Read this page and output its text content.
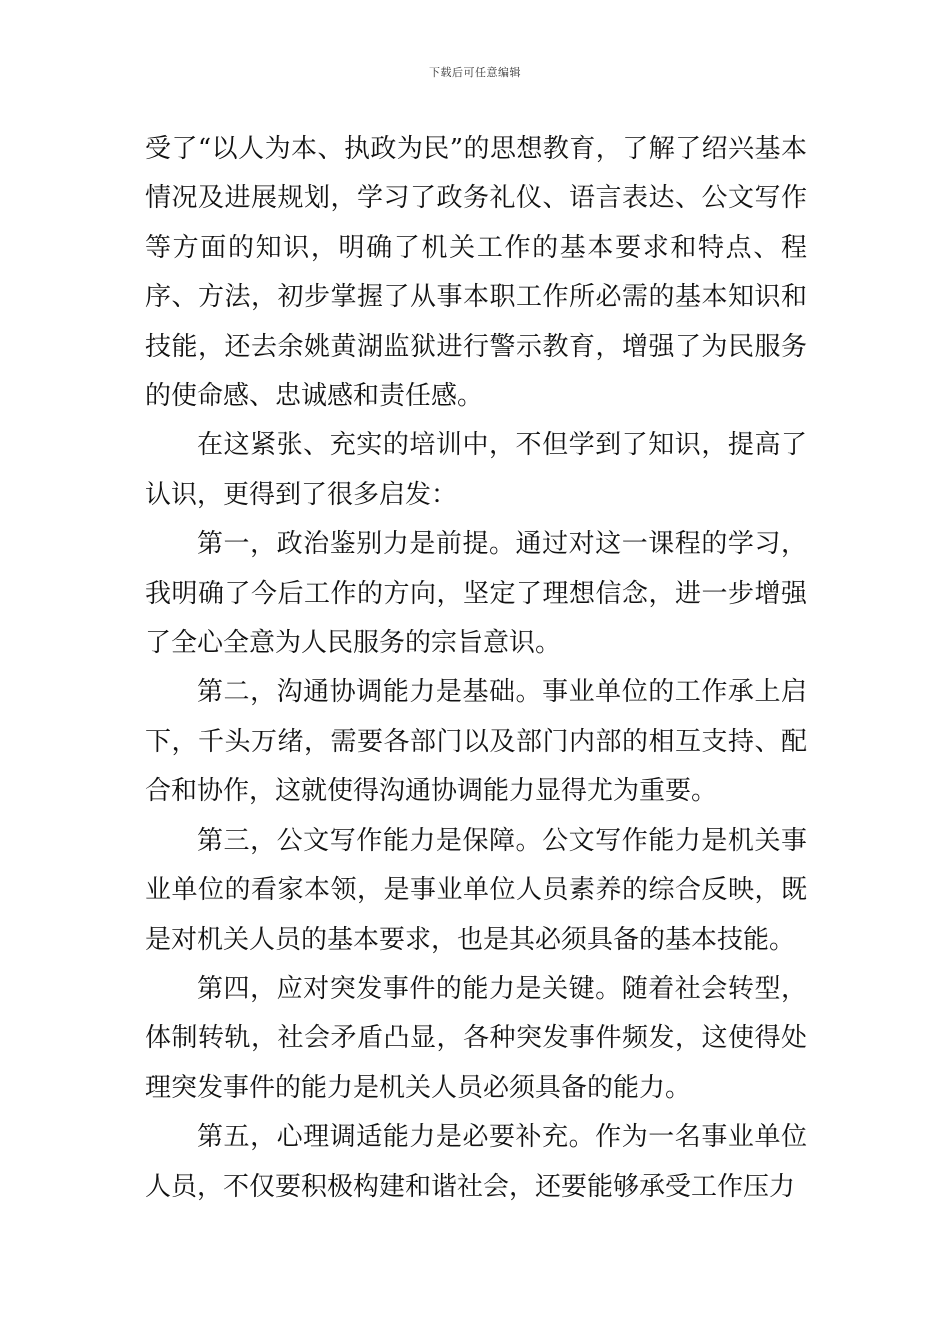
下载后可任意编辑

受了“以人为本、执政为民”的思想教育，了解了绍兴基本情况及进展规划，学习了政务礼仪、语言表达、公文写作等方面的知识，明确了机关工作的基本要求和特点、程序、方法，初步掌握了从事本职工作所必需的基本知识和技能，还去余姚黄湖监狱进行警示教育，增强了为民服务的使命感、忠诚感和责任感。

在这紧张、充实的培训中，不但学到了知识，提高了认识，更得到了很多启发：

第一，政治鉴别力是前提。通过对这一课程的学习，我明确了今后工作的方向，坚定了理想信念，进一步增强了全心全意为人民服务的宗旨意识。

第二，沟通协调能力是基础。事业单位的工作承上启下，千头万绪，需要各部门以及部门内部的相互支持、配合和协作，这就使得沟通协调能力显得尤为重要。

第三，公文写作能力是保障。公文写作能力是机关事业单位的看家本领，是事业单位人员素养的综合反映，既是对机关人员的基本要求，也是其必须具备的基本技能。

第四，应对突发事件的能力是关键。随着社会转型，体制转轨，社会矛盾凸显，各种突发事件频发，这使得处理突发事件的能力是机关人员必须具备的能力。

第五，心理调适能力是必要补充。作为一名事业单位人员，不仅要积极构建和谐社会，还要能够承受工作压力
